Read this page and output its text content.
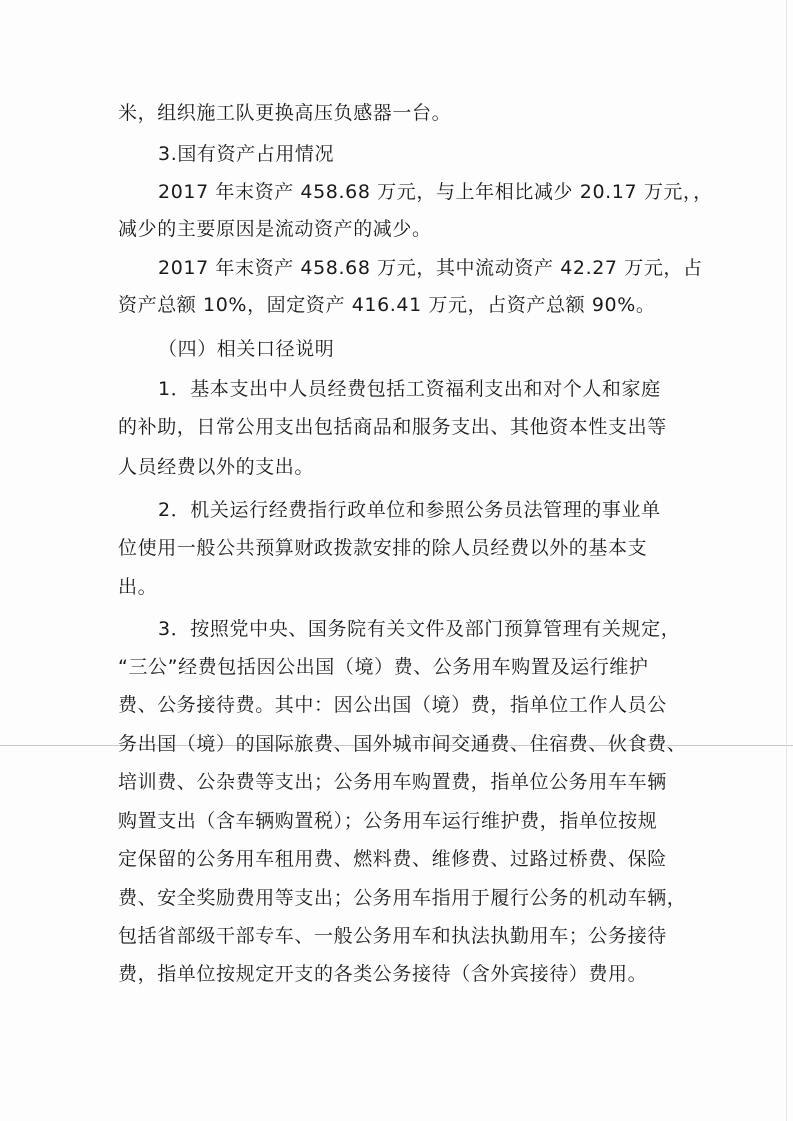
米，组织施工队更换高压负感器一台。
3.国有资产占用情况
2017 年末资产 458.68 万元，与上年相比减少 20.17 万元，，
减少的主要原因是流动资产的减少。
2017 年末资产 458.68 万元，其中流动资产 42.27 万元，占
资产总额 10%，固定资产 416.41 万元，占资产总额 90%。
（四）相关口径说明
1．基本支出中人员经费包括工资福利支出和对个人和家庭
的补助，日常公用支出包括商品和服务支出、其他资本性支出等
人员经费以外的支出。
2．机关运行经费指行政单位和参照公务员法管理的事业单
位使用一般公共预算财政拨款安排的除人员经费以外的基本支
出。
3．按照党中央、国务院有关文件及部门预算管理有关规定，
“三公”经费包括因公出国（境）费、公务用车购置及运行维护
费、公务接待费。其中：因公出国（境）费，指单位工作人员公
务出国（境）的国际旅费、国外城市间交通费、住宿费、伙食费、
培训费、公杂费等支出；公务用车购置费，指单位公务用车车辆
购置支出（含车辆购置税）；公务用车运行维护费，指单位按规
定保留的公务用车租用费、燃料费、维修费、过路过桥费、保险
费、安全奖励费用等支出；公务用车指用于履行公务的机动车辆，
包括省部级干部专车、一般公务用车和执法执勤用车；公务接待
费，指单位按规定开支的各类公务接待（含外宾接待）费用。
